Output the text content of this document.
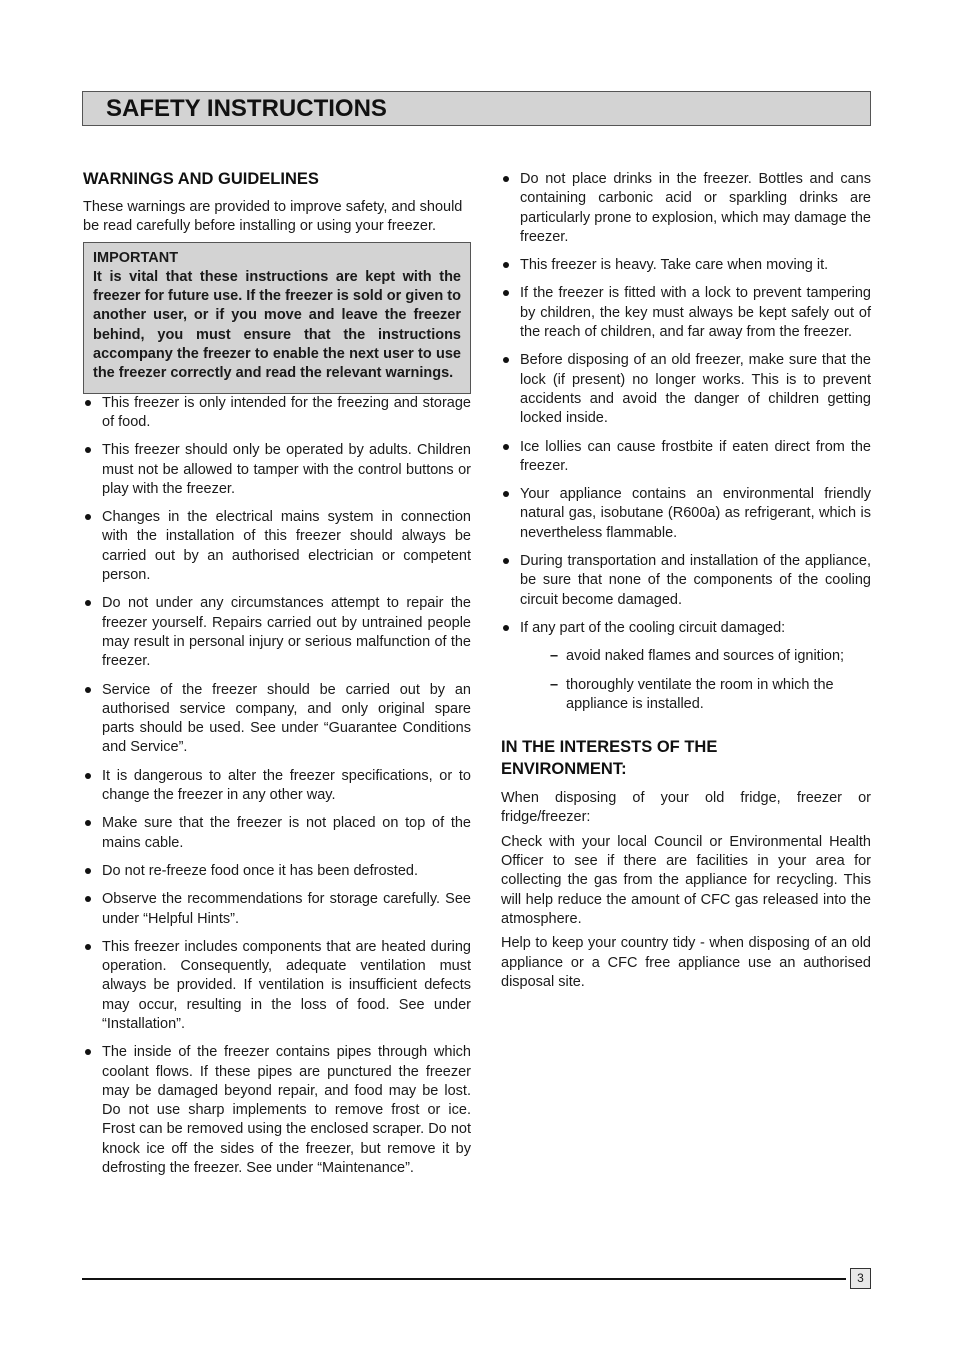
SAFETY INSTRUCTIONS
WARNINGS AND GUIDELINES

These warnings are provided to improve safety, and should be read carefully before installing or using your freezer.

IMPORTANT
It is vital that these instructions are kept with the freezer for future use. If the freezer is sold or given to another user, or if you move and leave the freezer behind, you must ensure that the instructions accompany the freezer to enable the next user to use the freezer correctly and read the relevant warnings.
This freezer is only intended for the freezing and storage of food.
This freezer should only be operated by adults. Children must not be allowed to tamper with the control buttons or play with the freezer.
Changes in the electrical mains system in connection with the installation of this freezer should always be carried out by an authorised electrician or competent person.
Do not under any circumstances attempt to repair the freezer yourself. Repairs carried out by untrained people may result in personal injury or serious malfunction of the freezer.
Service of the freezer should be carried out by an authorised service company, and only original spare parts should be used. See under “Guarantee Conditions and Service”.
It is dangerous to alter the freezer specifications, or to change the freezer in any other way.
Make sure that the freezer is not placed on top of the mains cable.
Do not re-freeze food once it has been defrosted.
Observe the recommendations for storage carefully. See under “Helpful Hints”.
This freezer includes components that are heated during operation. Consequently, adequate ventilation must always be provided. If ventilation is insufficient defects may occur, resulting in the loss of food. See under “Installation”.
The inside of the freezer contains pipes through which coolant flows. If these pipes are punctured the freezer may be damaged beyond repair, and food may be lost. Do not use sharp implements to remove frost or ice. Frost can be removed using the enclosed scraper. Do not knock ice off the sides of the freezer, but remove it by defrosting the freezer. See under “Maintenance”.
Do not place drinks in the freezer. Bottles and cans containing carbonic acid or sparkling drinks are particularly prone to explosion, which may damage the freezer.
This freezer is heavy. Take care when moving it.
If the freezer is fitted with a lock to prevent tampering by children, the key must always be kept safely out of the reach of children, and far away from the freezer.
Before disposing of an old freezer, make sure that the lock (if present) no longer works. This is to prevent accidents and avoid the danger of children getting locked inside.
Ice lollies can cause frostbite if eaten direct from the freezer.
Your appliance contains an environmental friendly natural gas, isobutane (R600a) as refrigerant, which is nevertheless flammable.
During transportation and installation of the appliance, be sure that none of the components of the cooling circuit become damaged.
If any part of the cooling circuit damaged:
– avoid naked flames and sources of ignition;
– thoroughly ventilate the room in which the appliance is installed.
IN THE INTERESTS OF THE
ENVIRONMENT:

When disposing of your old fridge, freezer or fridge/freezer:

Check with your local Council or Environmental Health Officer to see if there are facilities in your area for collecting the gas from the appliance for recycling. This will help reduce the amount of CFC gas released into the atmosphere.

Help to keep your country tidy - when disposing of an old appliance or a CFC free appliance use an authorised disposal site.

3
